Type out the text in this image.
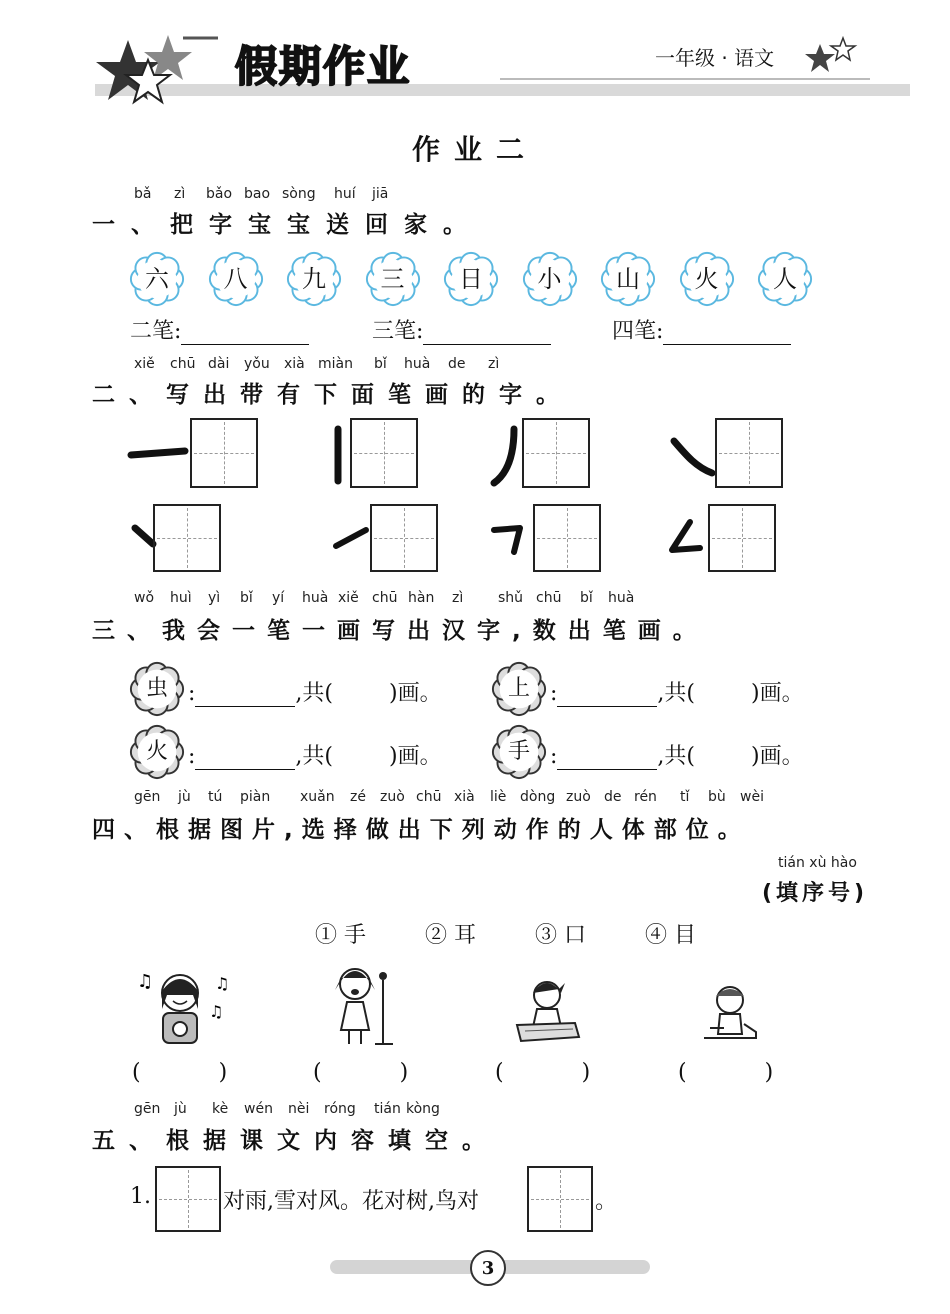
假期作业	一年级 · 语文
作业二
bǎ zì bǎo bao sòng huí jiā
一、把字宝宝送回家。
六	八	九	三	日	小	山	火	人
二笔:	三笔:	四笔:
xiě chū dài yǒu xià miàn bǐ huà de zì
二、写出带有下面笔画的字。
wǒ huì yì bǐ yí huà xiě chū hàn zì shǔ chū bǐ huà
三、我会一笔一画写出汉字,数出笔画。
虫 :	,共(	)画。	上 :	,共(	)画。
火 :	,共(	)画。	手 :	,共(	)画。
gēn jù tú piàn xuǎn zé zuò chū xià liè dòng zuò de rén tǐ bù wèi
四、根据图片,选择做出下列动作的人体部位。
tián xù hào
(填序号)
① 手	② 耳	③ 口	④ 目
♫	♫
♫
(	)	(	)	(	)	(	)
gēn jù kè wén nèi róng tián kòng
五、根据课文内容填空。
1.	对雨,雪对风。花对树,鸟对	。
3
